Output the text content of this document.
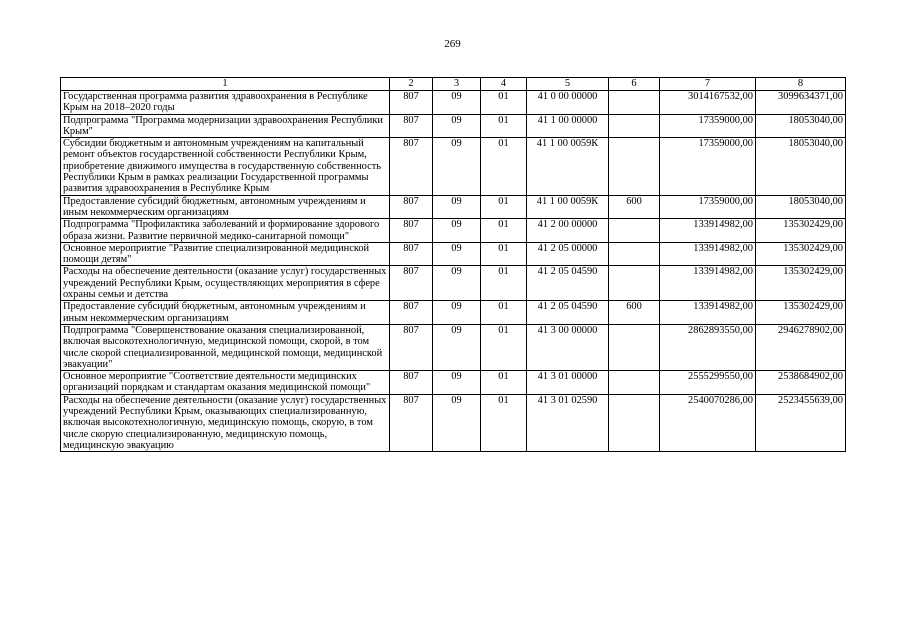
269
1	2	3	4	5	6	7	8
Государственная программа развития здравоохранения в Республике Крым на 2018–2020 годы	807	09	01	41 0 00 00000		3014167532,00	3099634371,00
Подпрограмма "Программа модернизации здравоохранения Республики Крым"	807	09	01	41 1 00 00000		17359000,00	18053040,00
Субсидии бюджетным и автономным учреждениям на капитальный ремонт объектов государственной собственности Республики Крым, приобретение движимого имущества в государственную собственность Республики Крым в рамках реализации Государственной программы развития здравоохранения в Республике Крым	807	09	01	41 1 00 0059К		17359000,00	18053040,00
Предоставление субсидий бюджетным, автономным учреждениям и иным некоммерческим организациям	807	09	01	41 1 00 0059К	600	17359000,00	18053040,00
Подпрограмма "Профилактика заболеваний и формирование здорового образа жизни. Развитие первичной медико-санитарной помощи"	807	09	01	41 2 00 00000		133914982,00	135302429,00
Основное мероприятие "Развитие специализированной медицинской помощи детям"	807	09	01	41 2 05 00000		133914982,00	135302429,00
Расходы на обеспечение деятельности (оказание услуг) государственных учреждений Республики Крым, осуществляющих мероприятия в сфере охраны семьи и детства	807	09	01	41 2 05 04590		133914982,00	135302429,00
Предоставление субсидий бюджетным, автономным учреждениям и иным некоммерческим организациям	807	09	01	41 2 05 04590	600	133914982,00	135302429,00
Подпрограмма "Совершенствование оказания специализированной, включая высокотехнологичную, медицинской помощи, скорой, в том числе скорой специализированной, медицинской помощи, медицинской эвакуации"	807	09	01	41 3 00 00000		2862893550,00	2946278902,00
Основное мероприятие "Соответствие деятельности медицинских организаций порядкам и стандартам оказания медицинской помощи"	807	09	01	41 3 01 00000		2555299550,00	2538684902,00
Расходы на обеспечение деятельности (оказание услуг) государственных учреждений Республики Крым, оказывающих специализированную, включая высокотехнологичную, медицинскую помощь, скорую, в том числе скорую специализированную, медицинскую помощь, медицинскую эвакуацию	807	09	01	41 3 01 02590		2540070286,00	2523455639,00
